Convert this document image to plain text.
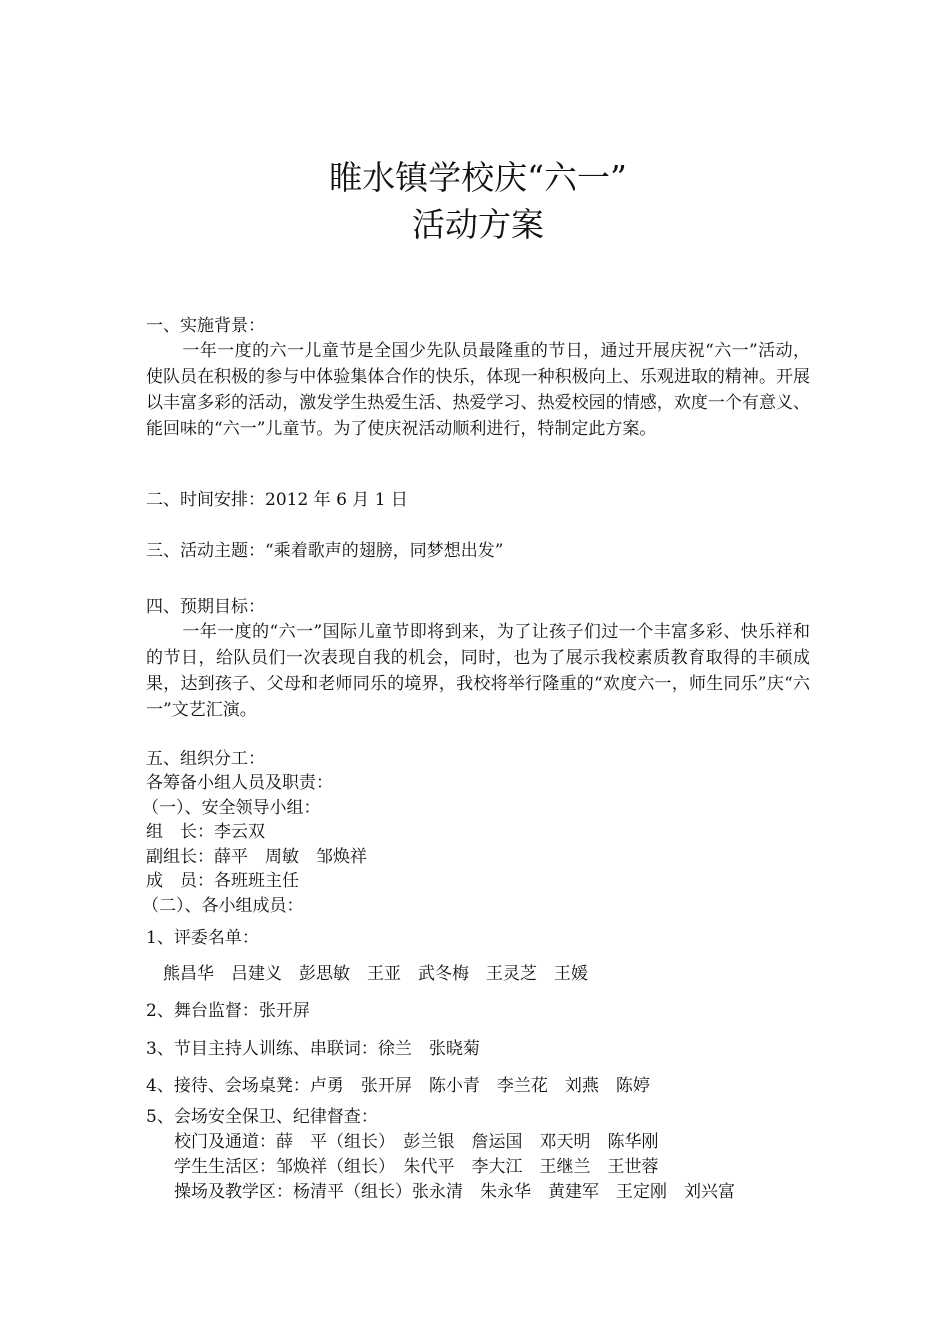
睢水镇学校庆“六一”
活动方案
一、实施背景：
一年一度的六一儿童节是全国少先队员最隆重的节日，通过开展庆祝“六一”活动，使队员在积极的参与中体验集体合作的快乐，体现一种积极向上、乐观进取的精神。开展以丰富多彩的活动，激发学生热爱生活、热爱学习、热爱校园的情感，欢度一个有意义、能回味的“六一”儿童节。为了使庆祝活动顺利进行，特制定此方案。
二、时间安排：2012 年 6 月 1 日
三、活动主题：“乘着歌声的翅膀，同梦想出发”
四、预期目标：
一年一度的“六一”国际儿童节即将到来，为了让孩子们过一个丰富多彩、快乐祥和的节日，给队员们一次表现自我的机会，同时，也为了展示我校素质教育取得的丰硕成果，达到孩子、父母和老师同乐的境界，我校将举行隆重的“欢度六一，师生同乐”庆“六一”文艺汇演。
五、组织分工：
各筹备小组人员及职责：
（一）、安全领导小组：
组　长：李云双
副组长：薛平　周敏　邹焕祥
成　员：各班班主任
（二）、各小组成员：
1、评委名单：
熊昌华　吕建义　彭思敏　王亚　武冬梅　王灵芝　王媛
2、舞台监督：张开屏
3、节目主持人训练、串联词：徐兰　张晓菊
4、接待、会场桌凳：卢勇　张开屏　陈小青　李兰花　刘燕　陈婷
5、会场安全保卫、纪律督查：
校门及通道：薛　平（组长）　彭兰银　詹运国　邓天明　陈华刚
学生生活区：邹焕祥（组长）　朱代平　李大江　王继兰　王世蓉
操场及教学区：杨清平（组长）张永清　朱永华　黄建军　王定刚　刘兴富
